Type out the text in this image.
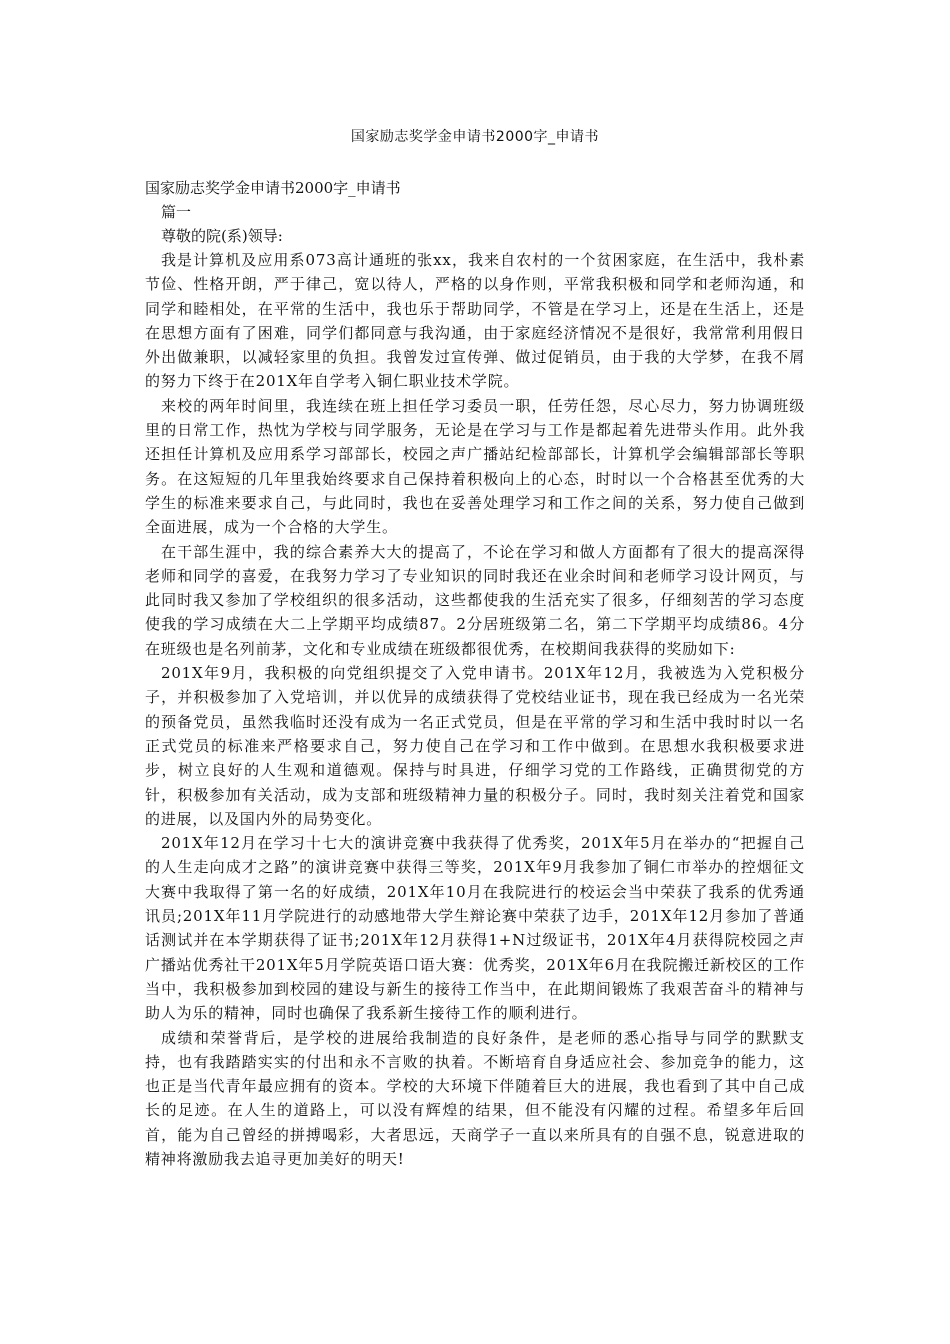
国家励志奖学金申请书2000字_申请书

国家励志奖学金申请书2000字_申请书

篇一

尊敬的院(系)领导:

我是计算机及应用系073高计通班的张xx，我来自农村的一个贫困家庭，在生活中，我朴素节俭、性格开朗，严于律己，宽以待人，严格的以身作则，平常我积极和同学和老师沟通，和同学和睦相处，在平常的生活中，我也乐于帮助同学，不管是在学习上，还是在生活上，还是在思想方面有了困难，同学们都同意与我沟通，由于家庭经济情况不是很好，我常常利用假日外出做兼职，以减轻家里的负担。我曾发过宣传弹、做过促销员，由于我的大学梦，在我不屑的努力下终于在201X年自学考入铜仁职业技术学院。

来校的两年时间里，我连续在班上担任学习委员一职，任劳任怨，尽心尽力，努力协调班级里的日常工作，热忱为学校与同学服务，无论是在学习与工作是都起着先进带头作用。此外我还担任计算机及应用系学习部部长，校园之声广播站纪检部部长，计算机学会编辑部部长等职务。在这短短的几年里我始终要求自己保持着积极向上的心态，时时以一个合格甚至优秀的大学生的标准来要求自己，与此同时，我也在妥善处理学习和工作之间的关系，努力使自己做到全面进展，成为一个合格的大学生。

在干部生涯中，我的综合素养大大的提高了，不论在学习和做人方面都有了很大的提高深得老师和同学的喜爱，在我努力学习了专业知识的同时我还在业余时间和老师学习设计网页，与此同时我又参加了学校组织的很多活动，这些都使我的生活充实了很多，仔细刻苦的学习态度使我的学习成绩在大二上学期平均成绩87。2分居班级第二名，第二下学期平均成绩86。4分在班级也是名列前茅，文化和专业成绩在班级都很优秀，在校期间我获得的奖励如下:

201X年9月，我积极的向党组织提交了入党申请书。201X年12月，我被选为入党积极分子，并积极参加了入党培训，并以优异的成绩获得了党校结业证书，现在我已经成为一名光荣的预备党员，虽然我临时还没有成为一名正式党员，但是在平常的学习和生活中我时时以一名正式党员的标准来严格要求自己，努力使自己在学习和工作中做到。在思想水我积极要求进步，树立良好的人生观和道德观。保持与时具进，仔细学习党的工作路线，正确贯彻党的方针，积极参加有关活动，成为支部和班级精神力量的积极分子。同时，我时刻关注着党和国家的进展，以及国内外的局势变化。

201X年12月在学习十七大的演讲竞赛中我获得了优秀奖，201X年5月在举办的“把握自己的人生走向成才之路”的演讲竞赛中获得三等奖，201X年9月我参加了铜仁市举办的控烟征文大赛中我取得了第一名的好成绩，201X年10月在我院进行的校运会当中荣获了我系的优秀通讯员;201X年11月学院进行的动感地带大学生辩论赛中荣获了边手，201X年12月参加了普通话测试并在本学期获得了证书;201X年12月获得1+N过级证书，201X年4月获得院校园之声广播站优秀社干201X年5月学院英语口语大赛：优秀奖，201X年6月在我院搬迁新校区的工作当中，我积极参加到校园的建设与新生的接待工作当中，在此期间锻炼了我艰苦奋斗的精神与助人为乐的精神，同时也确保了我系新生接待工作的顺利进行。

成绩和荣誉背后，是学校的进展给我制造的良好条件，是老师的悉心指导与同学的默默支持，也有我踏踏实实的付出和永不言败的执着。不断培育自身适应社会、参加竞争的能力，这也正是当代青年最应拥有的资本。学校的大环境下伴随着巨大的进展，我也看到了其中自己成长的足迹。在人生的道路上，可以没有辉煌的结果，但不能没有闪耀的过程。希望多年后回首，能为自己曾经的拼搏喝彩，大者思远，天商学子一直以来所具有的自强不息，锐意进取的精神将激励我去追寻更加美好的明天!
